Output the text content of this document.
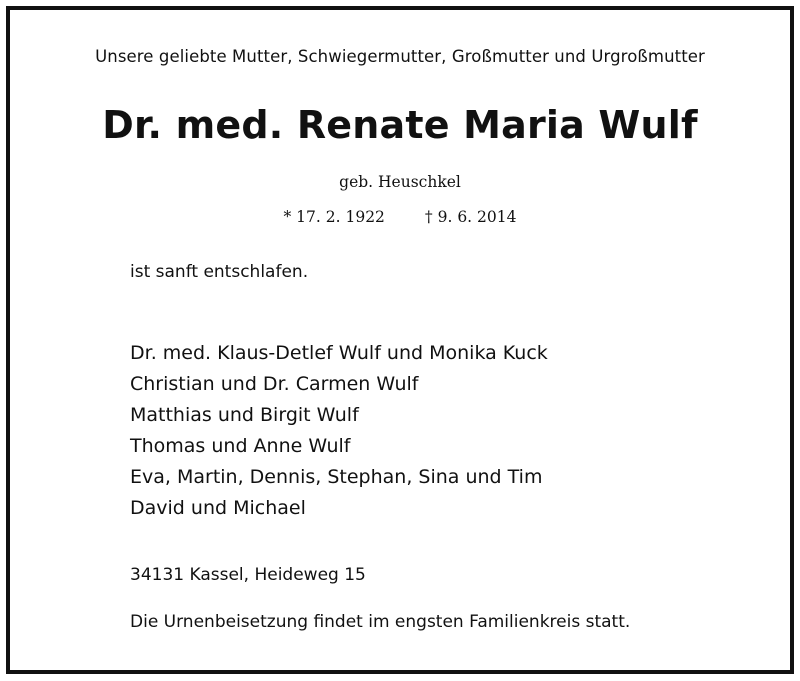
Unsere geliebte Mutter, Schwiegermutter, Großmutter und Urgroßmutter
Dr. med. Renate Maria Wulf
geb. Heuschkel
* 17. 2. 1922	† 9. 6. 2014
ist sanft entschlafen.
Dr. med. Klaus-Detlef Wulf und Monika Kuck
Christian und Dr. Carmen Wulf
Matthias und Birgit Wulf
Thomas und Anne Wulf
Eva, Martin, Dennis, Stephan, Sina und Tim
David und Michael
34131 Kassel, Heideweg 15
Die Urnenbeisetzung findet im engsten Familienkreis statt.
